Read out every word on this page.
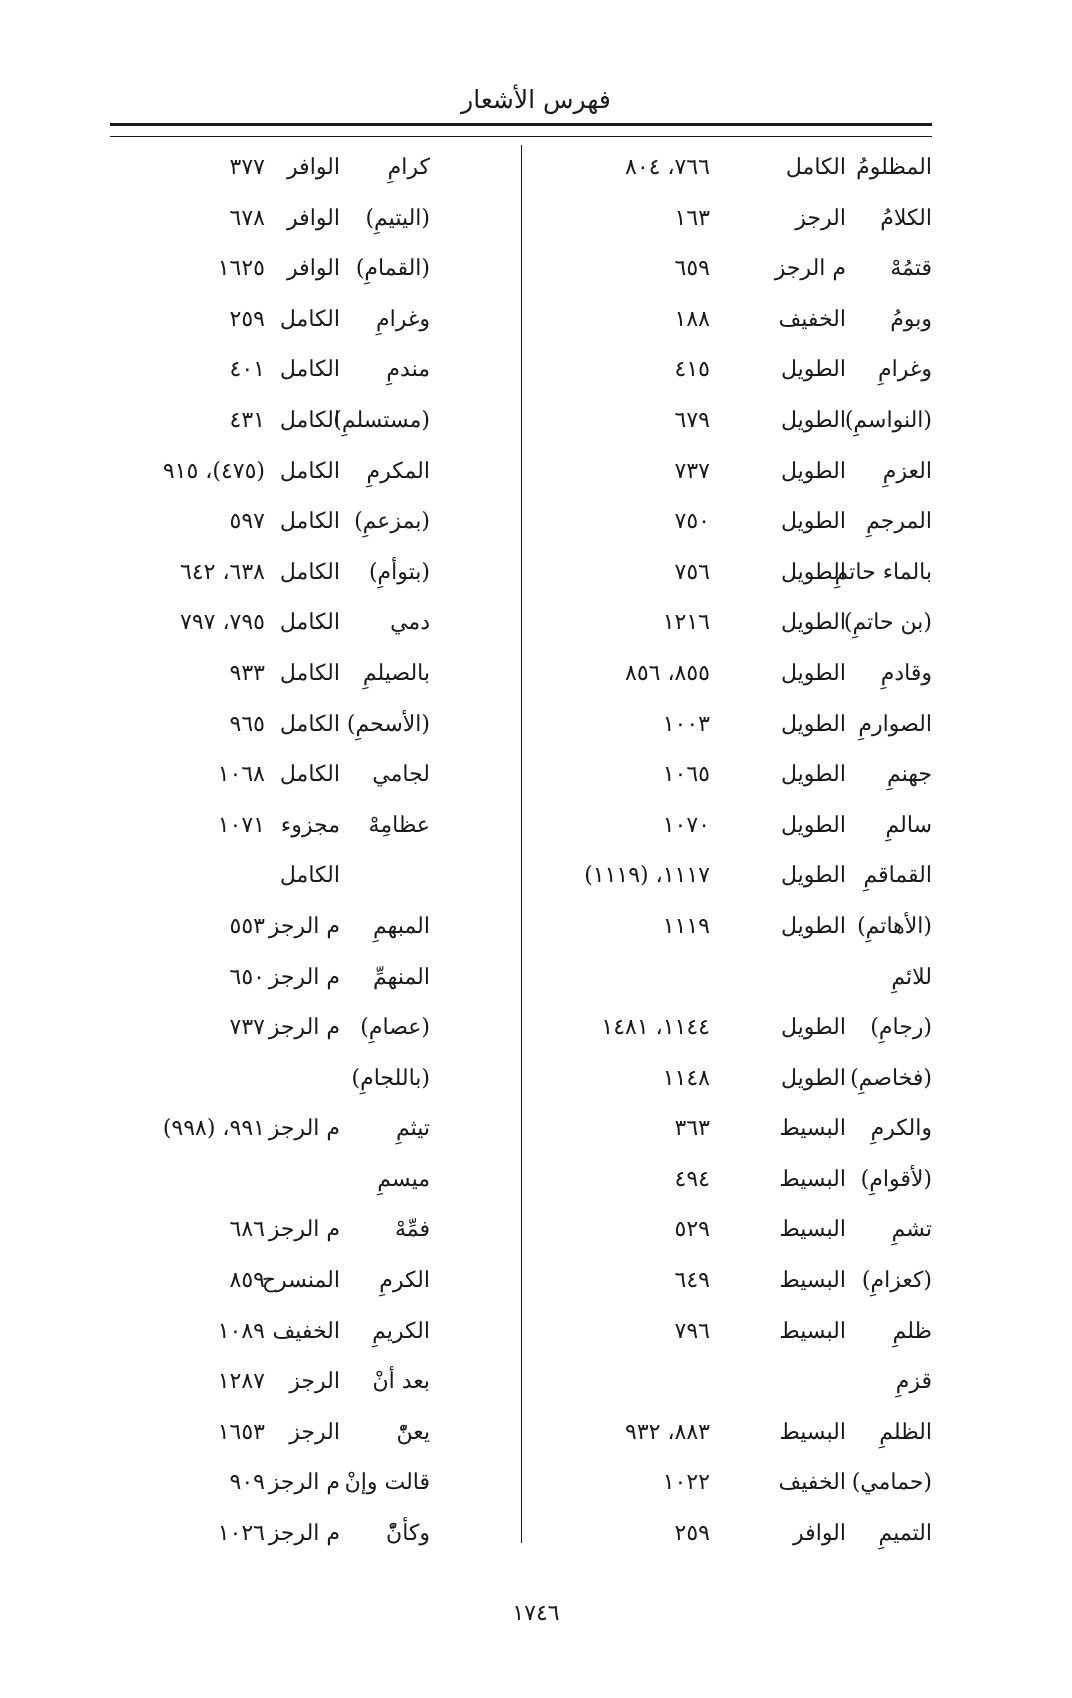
فهرس الأشعار
المظلومُ
الكامل
٧٦٦، ٨٠٤
الكلامُ
الرجز
١٦٣
قتمُهْ
م الرجز
٦٥٩
وبومُ
الخفيف
١٨٨
وغرامِ
الطويل
٤١٥
(النواسمِ)
الطويل
٦٧٩
العزمِ
الطويل
٧٣٧
المرجمِ
الطويل
٧٥٠
بالماء حاتمِ
الطويل
٧٥٦
(بن حاتمِ)
الطويل
١٢١٦
وقادمِ
الطويل
٨٥٥، ٨٥٦
الصوارمِ
الطويل
١٠٠٣
جهنمِ
الطويل
١٠٦٥
سالمِ
الطويل
١٠٧٠
القماقمِ
الطويل
١١١٧، (١١١٩)
(الأهاتمِ)
الطويل
١١١٩
للائمِ
(رجامِ)
الطويل
١١٤٤، ١٤٨١
(فخاصمِ)
الطويل
١١٤٨
والكرمِ
البسيط
٣٦٣
(لأقوامِ)
البسيط
٤٩٤
تشمِ
البسيط
٥٢٩
(كعزامِ)
البسيط
٦٤٩
ظلمِ
البسيط
٧٩٦
قزمِ
الظلمِ
البسيط
٨٨٣، ٩٣٢
(حمامي)
الخفيف
١٠٢٢
التميمِ
الوافر
٢٥٩
كرامِ
الوافر
٣٧٧
(اليتيمِ)
الوافر
٦٧٨
(القمامِ)
الوافر
١٦٢٥
وغرامِ
الكامل
٢٥٩
مندمِ
الكامل
٤٠١
(مستسلمِ)
الكامل
٤٣١
المكرمِ
الكامل
(٤٧٥)، ٩١٥
(بمزعمِ)
الكامل
٥٩٧
(بتوأمِ)
الكامل
٦٣٨، ٦٤٢
دمي
الكامل
٧٩٥، ٧٩٧
بالصيلمِ
الكامل
٩٣٣
(الأسحمِ)
الكامل
٩٦٥
لجامي
الكامل
١٠٦٨
عظامِهْ
مجزوء
١٠٧١
الكامل
المبهمِ
م الرجز
٥٥٣
المنهمِّ
م الرجز
٦٥٠
(عصامِ)
م الرجز
٧٣٧
(باللجامِ)
تيثمِ
م الرجز
٩٩١، (٩٩٨)
ميسمِ
فمِّهْ
م الرجز
٦٨٦
الكرمِ
المنسرح
٨٥٩
الكريمِ
الخفيف
١٠٨٩
بعد أنْ
الرجز
١٢٨٧
يعنّْ
الرجز
١٦٥٣
قالت وإنْ
م الرجز
٩٠٩
وكأنّْ
م الرجز
١٠٢٦
١٧٤٦
